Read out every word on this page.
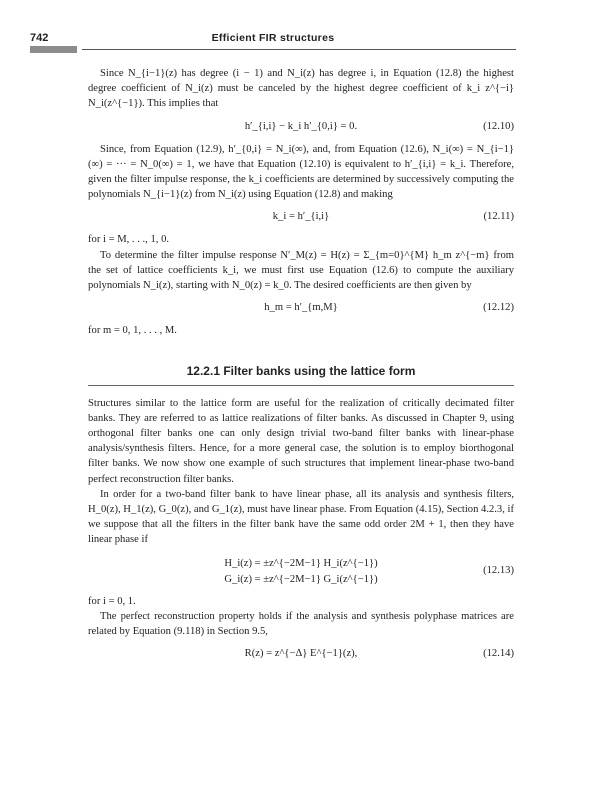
742	Efficient FIR structures

Since N_{i−1}(z) has degree (i − 1) and N_i(z) has degree i, in Equation (12.8) the highest degree coefficient of N_i(z) must be canceled by the highest degree coefficient of k_i z^{−i} N_i(z^{−1}). This implies that

h′_{i,i} − k_i h′_{0,i} = 0.	(12.10)

Since, from Equation (12.9), h′_{0,i} = N_i(∞), and, from Equation (12.6), N_i(∞) = N_{i−1}(∞) = ··· = N_0(∞) = 1, we have that Equation (12.10) is equivalent to h′_{i,i} = k_i. Therefore, given the filter impulse response, the k_i coefficients are determined by successively computing the polynomials N_{i−1}(z) from N_i(z) using Equation (12.8) and making

k_i = h′_{i,i}	(12.11)

for i = M, . . ., 1, 0.

To determine the filter impulse response N′_M(z) = H(z) = Σ_{m=0}^{M} h_m z^{−m} from the set of lattice coefficients k_i, we must first use Equation (12.6) to compute the auxiliary polynomials N_i(z), starting with N_0(z) = k_0. The desired coefficients are then given by

h_m = h′_{m,M}	(12.12)

for m = 0, 1, . . . , M.

12.2.1 Filter banks using the lattice form

Structures similar to the lattice form are useful for the realization of critically decimated filter banks. They are referred to as lattice realizations of filter banks. As discussed in Chapter 9, using orthogonal filter banks one can only design trivial two-band filter banks with linear-phase analysis/synthesis filters. Hence, for a more general case, the solution is to employ biorthogonal filter banks. We now show one example of such structures that implement linear-phase two-band perfect reconstruction filter banks.

In order for a two-band filter bank to have linear phase, all its analysis and synthesis filters, H_0(z), H_1(z), G_0(z), and G_1(z), must have linear phase. From Equation (4.15), Section 4.2.3, if we suppose that all the filters in the filter bank have the same odd order 2M + 1, then they have linear phase if

H_i(z) = ±z^{−2M−1} H_i(z^{−1})
G_i(z) = ±z^{−2M−1} G_i(z^{−1})
(12.13)

for i = 0, 1.

The perfect reconstruction property holds if the analysis and synthesis polyphase matrices are related by Equation (9.118) in Section 9.5,

R(z) = z^{−Δ} E^{−1}(z),	(12.14)
